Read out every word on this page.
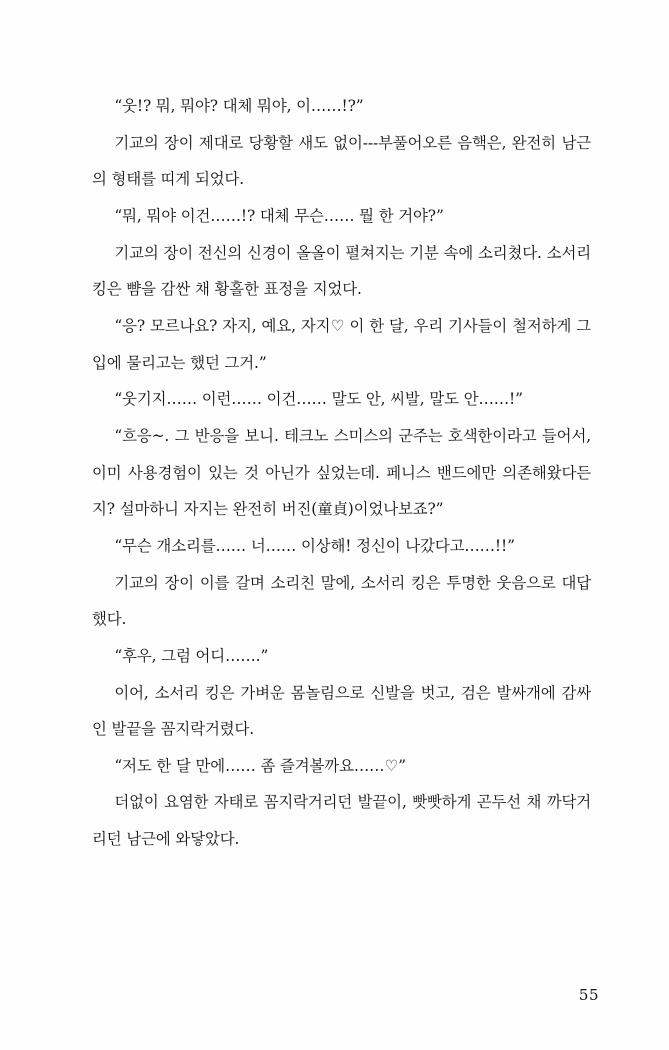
“웃!? 뭐, 뭐야? 대체 뭐야, 이……!?”

기교의 장이 제대로 당황할 새도 없이---부풀어오른 음핵은, 완전히 남근의 형태를 띠게 되었다.

“뭐, 뭐야 이건……!? 대체 무슨…… 뭘 한 거야?”

기교의 장이 전신의 신경이 올올이 펼쳐지는 기분 속에 소리쳤다. 소서리 킹은 뺨을 감싼 채 황홀한 표정을 지었다.

“응? 모르나요? 자지, 예요, 자지♡ 이 한 달, 우리 기사들이 철저하게 그 입에 물리고는 했던 그거.”

“웃기지…… 이런…… 이건…… 말도 안, 씨발, 말도 안……!”

“흐응~. 그 반응을 보니. 테크노 스미스의 군주는 호색한이라고 들어서, 이미 사용경험이 있는 것 아닌가 싶었는데. 페니스 밴드에만 의존해왔다든지? 설마하니 자지는 완전히 버진(童貞)이었나보죠?”

“무슨 개소리를…… 너…… 이상해! 정신이 나갔다고……!!”

기교의 장이 이를 갈며 소리친 말에, 소서리 킹은 투명한 웃음으로 대답했다.

“후우, 그럼 어디…….”

이어, 소서리 킹은 가벼운 몸놀림으로 신발을 벗고, 검은 발싸개에 감싸인 발끝을 꼼지락거렸다.

“저도 한 달 만에…… 좀 즐겨볼까요……♡”

더없이 요염한 자태로 꼼지락거리던 발끝이, 빳빳하게 곤두선 채 까닥거리던 남근에 와닿았다.

55
